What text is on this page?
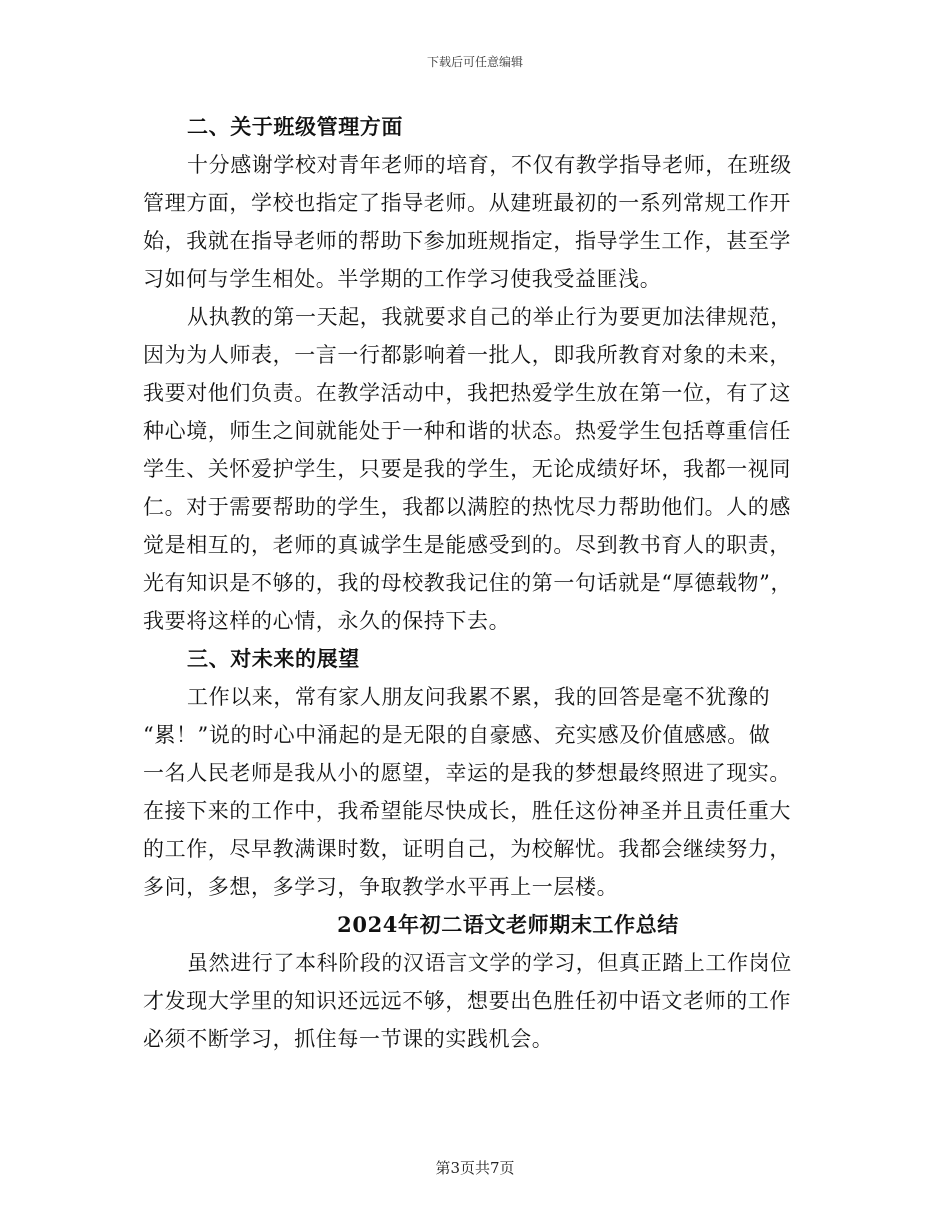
下载后可任意编辑
二、关于班级管理方面
十分感谢学校对青年老师的培育，不仅有教学指导老师，在班级
管理方面，学校也指定了指导老师。从建班最初的一系列常规工作开
始，我就在指导老师的帮助下参加班规指定，指导学生工作，甚至学
习如何与学生相处。半学期的工作学习使我受益匪浅。
从执教的第一天起，我就要求自己的举止行为要更加法律规范，
因为为人师表，一言一行都影响着一批人，即我所教育对象的未来，
我要对他们负责。在教学活动中，我把热爱学生放在第一位，有了这
种心境，师生之间就能处于一种和谐的状态。热爱学生包括尊重信任
学生、关怀爱护学生，只要是我的学生，无论成绩好坏，我都一视同
仁。对于需要帮助的学生，我都以满腔的热忱尽力帮助他们。人的感
觉是相互的，老师的真诚学生是能感受到的。尽到教书育人的职责，
光有知识是不够的，我的母校教我记住的第一句话就是“厚德载物”，
我要将这样的心情，永久的保持下去。
三、对未来的展望
工作以来，常有家人朋友问我累不累，我的回答是毫不犹豫的
“累！”说的时心中涌起的是无限的自豪感、充实感及价值感感。做
一名人民老师是我从小的愿望，幸运的是我的梦想最终照进了现实。
在接下来的工作中，我希望能尽快成长，胜任这份神圣并且责任重大
的工作，尽早教满课时数，证明自己，为校解忧。我都会继续努力，
多问，多想，多学习，争取教学水平再上一层楼。
2024年初二语文老师期末工作总结
虽然进行了本科阶段的汉语言文学的学习，但真正踏上工作岗位
才发现大学里的知识还远远不够，想要出色胜任初中语文老师的工作
必须不断学习，抓住每一节课的实践机会。
第3页共7页
